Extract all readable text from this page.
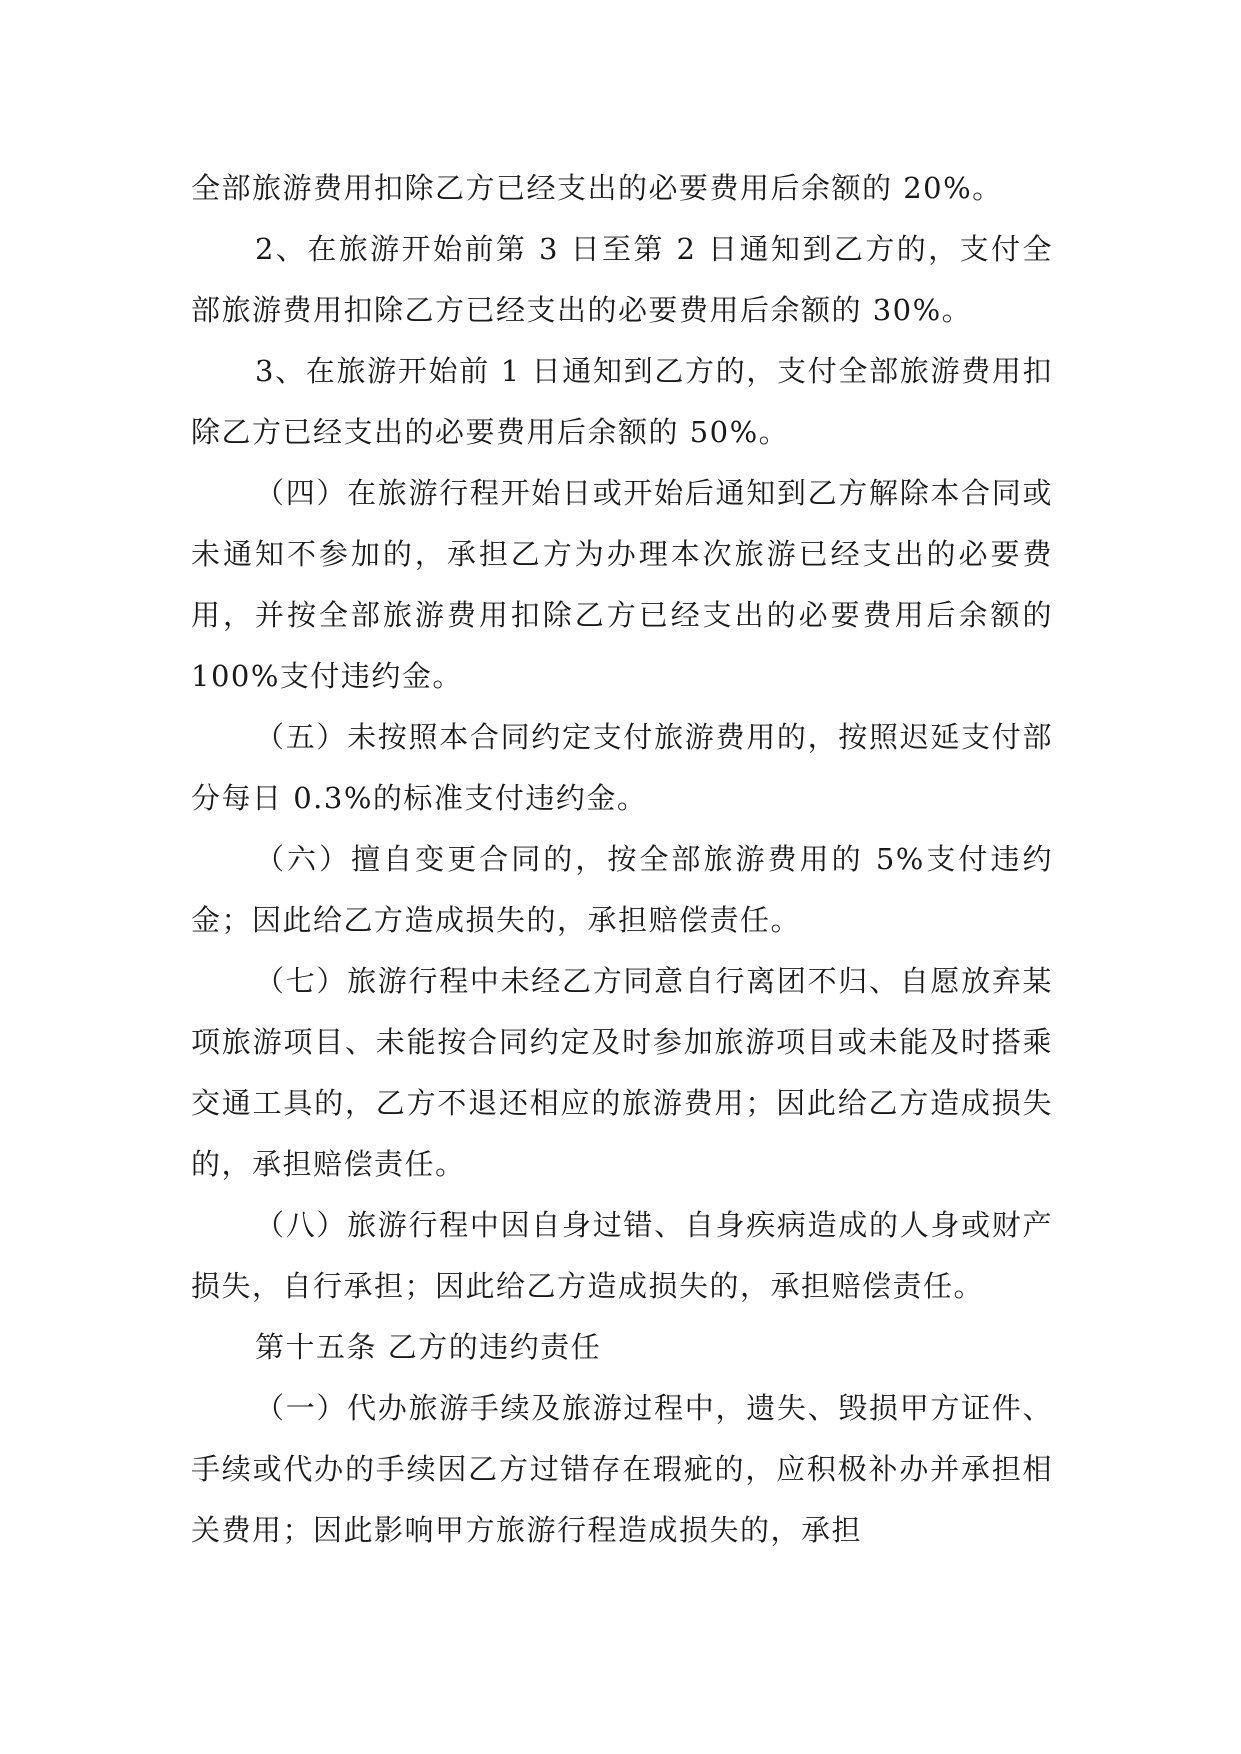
全部旅游费用扣除乙方已经支出的必要费用后余额的 20%。

2、在旅游开始前第 3 日至第 2 日通知到乙方的，支付全部旅游费用扣除乙方已经支出的必要费用后余额的 30%。

3、在旅游开始前 1 日通知到乙方的，支付全部旅游费用扣除乙方已经支出的必要费用后余额的 50%。

（四）在旅游行程开始日或开始后通知到乙方解除本合同或未通知不参加的，承担乙方为办理本次旅游已经支出的必要费用，并按全部旅游费用扣除乙方已经支出的必要费用后余额的 100%支付违约金。

（五）未按照本合同约定支付旅游费用的，按照迟延支付部分每日 0.3%的标准支付违约金。

（六）擅自变更合同的，按全部旅游费用的 5%支付违约金；因此给乙方造成损失的，承担赔偿责任。

（七）旅游行程中未经乙方同意自行离团不归、自愿放弃某项旅游项目、未能按合同约定及时参加旅游项目或未能及时搭乘交通工具的，乙方不退还相应的旅游费用；因此给乙方造成损失的，承担赔偿责任。

（八）旅游行程中因自身过错、自身疾病造成的人身或财产损失，自行承担；因此给乙方造成损失的，承担赔偿责任。

第十五条 乙方的违约责任

（一）代办旅游手续及旅游过程中，遗失、毁损甲方证件、手续或代办的手续因乙方过错存在瑕疵的，应积极补办并承担相关费用；因此影响甲方旅游行程造成损失的，承担
